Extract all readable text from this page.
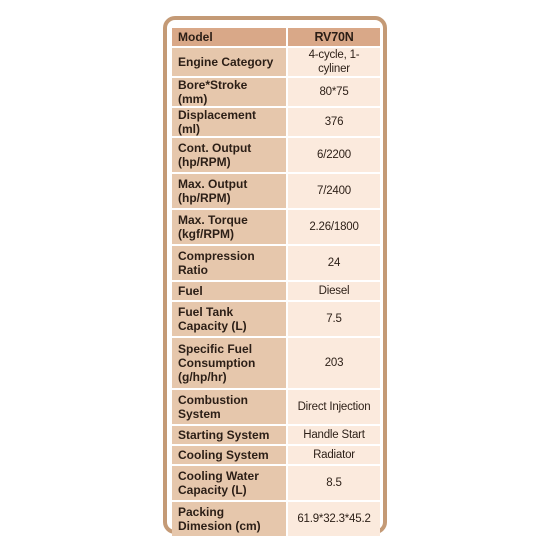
Model		RV70N
Engine Category		4-cycle, 1-cyliner
Bore*Stroke (mm)		80*75
Displacement (ml)		376
Cont. Output (hp/RPM)		6/2200
Max. Output (hp/RPM)		7/2400
Max. Torque (kgf/RPM)		2.26/1800
Compression Ratio		24
Fuel		Diesel
Fuel Tank Capacity (L)		7.5
Specific Fuel Consumption (g/hp/hr)		203
Combustion System		Direct Injection
Starting System		Handle Start
Cooling System		Radiator
Cooling Water Capacity (L)		8.5
Packing Dimesion (cm)		61.9*32.3*45.2
